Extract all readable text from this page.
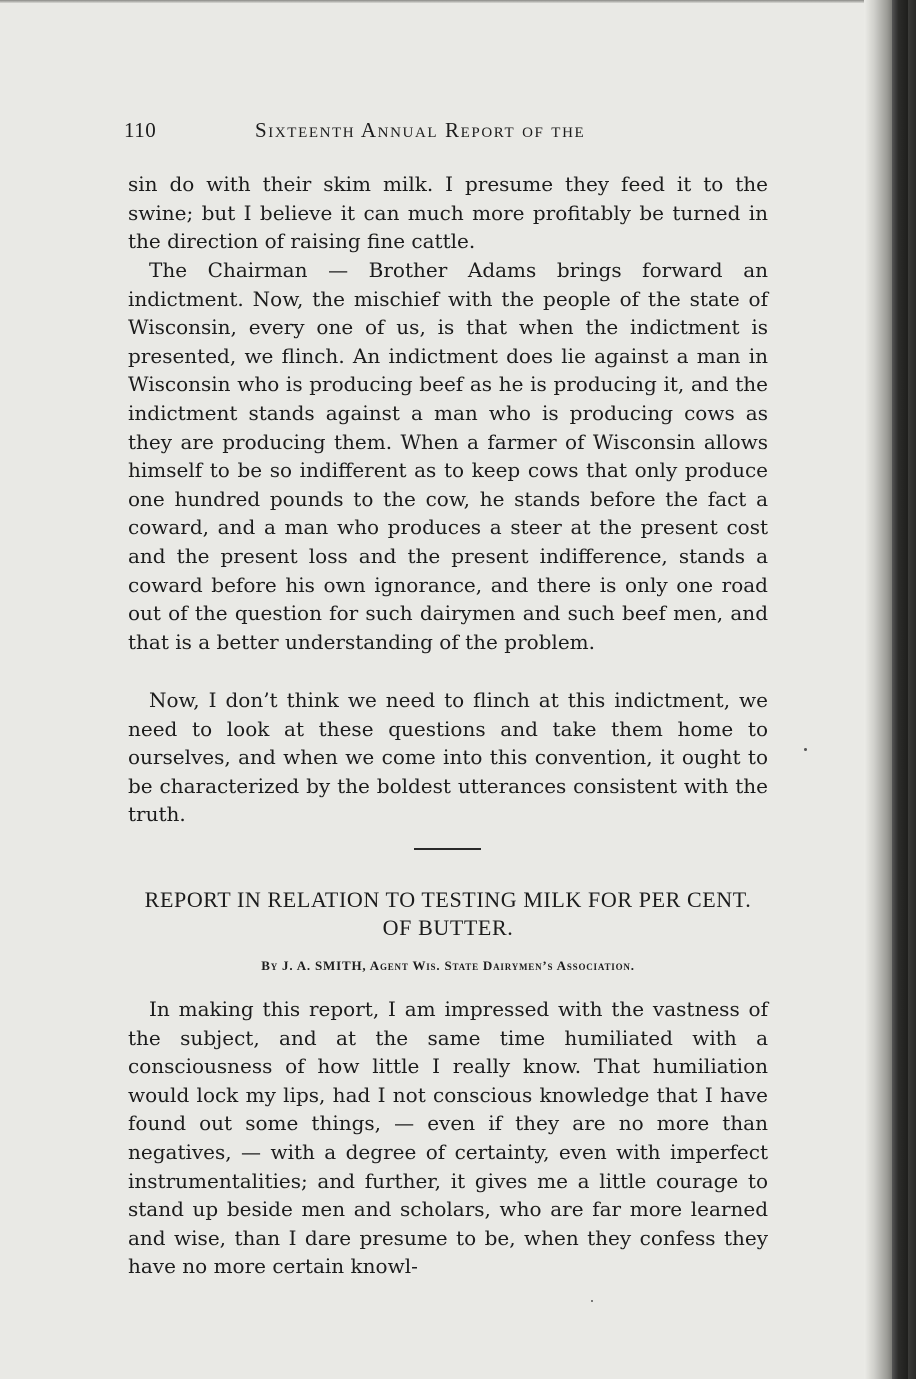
110	Sixteenth Annual Report of the

sin do with their skim milk. I presume they feed it to the swine; but I believe it can much more profitably be turned in the direction of raising fine cattle.

The Chairman — Brother Adams brings forward an indictment. Now, the mischief with the people of the state of Wisconsin, every one of us, is that when the indictment is presented, we flinch. An indictment does lie against a man in Wisconsin who is producing beef as he is producing it, and the indictment stands against a man who is producing cows as they are producing them. When a farmer of Wisconsin allows himself to be so indifferent as to keep cows that only produce one hundred pounds to the cow, he stands before the fact a coward, and a man who produces a steer at the present cost and the present loss and the present indifference, stands a coward before his own ignorance, and there is only one road out of the question for such dairymen and such beef men, and that is a better understanding of the problem.

Now, I don’t think we need to flinch at this indictment, we need to look at these questions and take them home to ourselves, and when we come into this convention, it ought to be characterized by the boldest utterances consistent with the truth.

REPORT IN RELATION TO TESTING MILK FOR PER CENT. OF BUTTER.

By J. A. SMITH, Agent Wis. State Dairymen’s Association.

In making this report, I am impressed with the vastness of the subject, and at the same time humiliated with a consciousness of how little I really know. That humiliation would lock my lips, had I not conscious knowledge that I have found out some things, — even if they are no more than negatives, — with a degree of certainty, even with imperfect instrumentalities; and further, it gives me a little courage to stand up beside men and scholars, who are far more learned and wise, than I dare presume to be, when they confess they have no more certain knowl-
